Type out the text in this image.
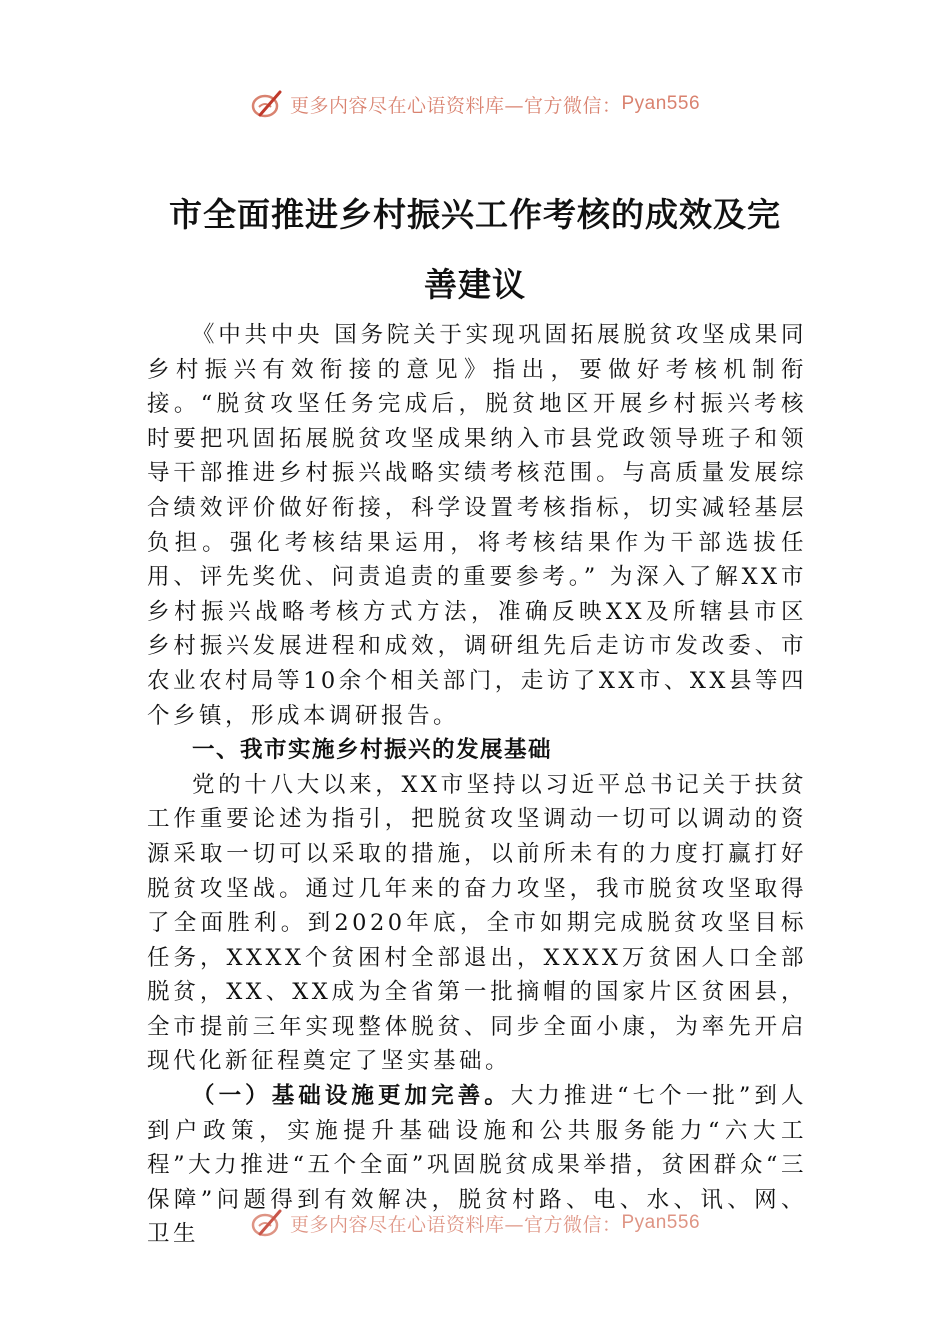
更多内容尽在心语资料库—官方微信： Pyan556
市全面推进乡村振兴工作考核的成效及完
善建议

《中共中央 国务院关于实现巩固拓展脱贫攻坚成果同乡村振兴有效衔接的意见》指出，要做好考核机制衔接。“脱贫攻坚任务完成后，脱贫地区开展乡村振兴考核时要把巩固拓展脱贫攻坚成果纳入市县党政领导班子和领导干部推进乡村振兴战略实绩考核范围。与高质量发展综合绩效评价做好衔接，科学设置考核指标，切实减轻基层负担。强化考核结果运用，将考核结果作为干部选拔任用、评先奖优、问责追责的重要参考。” 为深入了解XX市乡村振兴战略考核方式方法，准确反映XX及所辖县市区乡村振兴发展进程和成效，调研组先后走访市发改委、市农业农村局等10余个相关部门，走访了XX市、XX县等四个乡镇，形成本调研报告。

一、我市实施乡村振兴的发展基础

党的十八大以来，XX市坚持以习近平总书记关于扶贫工作重要论述为指引，把脱贫攻坚调动一切可以调动的资源采取一切可以采取的措施，以前所未有的力度打赢打好脱贫攻坚战。通过几年来的奋力攻坚，我市脱贫攻坚取得了全面胜利。到2020年底，全市如期完成脱贫攻坚目标任务，XXXX个贫困村全部退出，XXXX万贫困人口全部脱贫，XX、XX成为全省第一批摘帽的国家片区贫困县，全市提前三年实现整体脱贫、同步全面小康，为率先开启现代化新征程奠定了坚实基础。

（一）基础设施更加完善。大力推进“七个一批”到人到户政策，实施提升基础设施和公共服务能力“六大工程”大力推进“五个全面”巩固脱贫成果举措，贫困群众“三保障”问题得到有效解决，脱贫村路、电、水、讯、网、卫生	更多内容尽在心语资料库—官方微信： Pyan556
